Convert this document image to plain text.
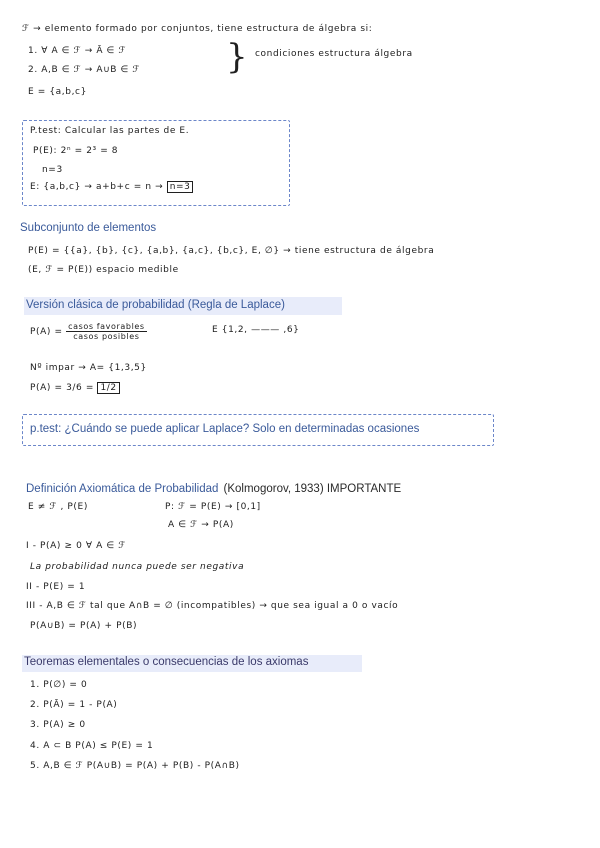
ℱ → elemento formado por conjuntos, tiene estructura de álgebra si:
1. ∀ A ∈ ℱ → Ā ∈ ℱ
2. A,B ∈ ℱ → A∪B ∈ ℱ	} condiciones estructura álgebra
E = {a,b,c}
P.test: Calcular las partes de E.
P(E): 2ⁿ = 2³ = 8
n=3
E: {a,b,c} → a+b+c = n → n=3
Subconjunto de elementos
P(E) = {{a}, {b}, {c}, {a,b}, {a,c}, {b,c}, E, ∅} → tiene estructura de álgebra
(E, ℱ = P(E)) espacio medible
Versión clásica de probabilidad (Regla de Laplace)
$P(A) = \frac{\text{casos favorables}}{\text{casos posibles}}$	E {1,2, ——— ,6}
Nº impar → A= {1,3,5}
P(A) = 3/6 = 1/2
p.test: ¿Cuándo se puede aplicar Laplace? Solo en determinadas ocasiones
Definición Axiomática de Probabilidad (Kolmogorov, 1933) IMPORTANTE
E ≠ ℱ , P(E)	P: ℱ = P(E) → [0,1]
A ∈ ℱ → P(A)
I - P(A) ≥ 0 ∀ A ∈ ℱ
La probabilidad nunca puede ser negativa
II - P(E) = 1
III - A,B ∈ ℱ tal que A∩B = ∅ (incompatibles) → que sea igual a 0 o vacío
P(A∪B) = P(A) + P(B)
Teoremas elementales o consecuencias de los axiomas
1. P(∅) = 0
2. P(Ā) = 1 - P(A)
3. P(A) ≥ 0
4. A ⊂ B P(A) ≤ P(E) = 1
5. A,B ∈ ℱ P(A∪B) = P(A) + P(B) - P(A∩B)
